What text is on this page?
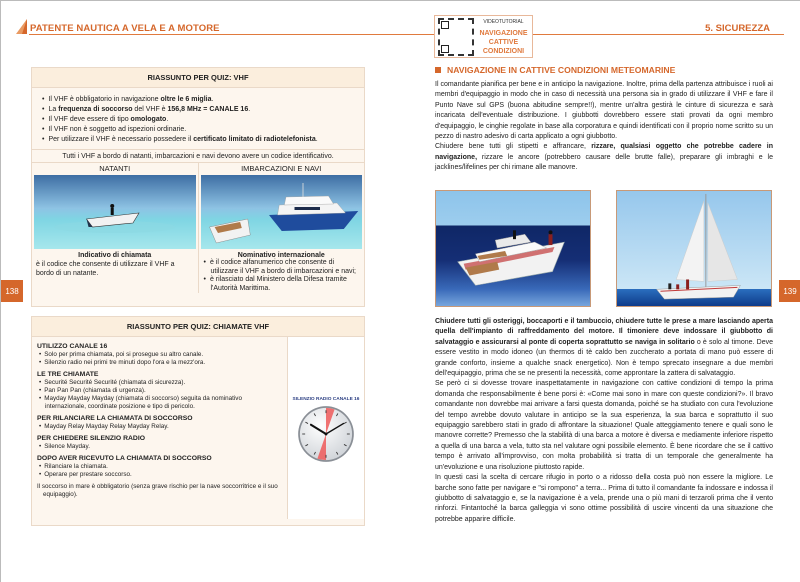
PATENTE NAUTICA A VELA E A MOTORE
VIDEOTUTORIAL
NAVIGAZIONE
CATTIVE
CONDIZIONI
5. SICUREZZA
138	139
RIASSUNTO PER QUIZ: VHF
• Il VHF è obbligatorio in navigazione oltre le 6 miglia.
• La frequenza di soccorso del VHF è 156,8 MHz = CANALE 16.
• Il VHF deve essere di tipo omologato.
• Il VHF non è soggetto ad ispezioni ordinarie.
• Per utilizzare il VHF è necessario possedere il certificato limitato di radiotelefonista.
Tutti i VHF a bordo di natanti, imbarcazioni e navi devono avere un codice identificativo.
NATANTI
Indicativo di chiamata
è il codice che consente di utilizzare il VHF a bordo di un natante.
IMBARCAZIONI E NAVI
Nominativo internazionale
• è il codice alfanumerico che consente di utilizzare il VHF a bordo di imbarcazioni e navi;
• è rilasciato dal Ministero della Difesa tramite l'Autorità Marittima.
RIASSUNTO PER QUIZ: CHIAMATE VHF
UTILIZZO CANALE 16
• Solo per prima chiamata, poi si prosegue su altro canale.
• Silenzio radio nei primi tre minuti dopo l'ora e la mezz'ora.
LE TRE CHIAMATE
• Securité Securité Securité (chiamata di sicurezza).
• Pan Pan Pan (chiamata di urgenza).
• Mayday Mayday Mayday (chiamata di soccorso) seguita da nominativo internazionale, coordinate posizione e tipo di pericolo.
PER RILANCIARE LA CHIAMATA DI SOCCORSO
• Mayday Relay Mayday Relay Mayday Relay.
PER CHIEDERE SILENZIO RADIO
• Silence Mayday.
DOPO AVER RICEVUTO LA CHIAMATA DI SOCCORSO
• Rilanciare la chiamata.
• Operare per prestare soccorso.
Il soccorso in mare è obbligatorio (senza grave rischio per la nave soccorritrice e il suo equipaggio).
SILENZIO RADIO CANALE 16
NAVIGAZIONE IN CATTIVE CONDIZIONI METEOMARINE
Il comandante pianifica per bene e in anticipo la navigazione. Inoltre, prima della partenza attribuisce i ruoli ai membri d'equipaggio in modo che in caso di necessità una persona sia in grado di utilizzare il VHF e fare il Punto Nave sul GPS (buona abitudine sempre!!), mentre un'altra gestirà le cinture di sicurezza e sarà incaricata dell'eventuale distribuzione. I giubbotti dovrebbero essere stati provati da ogni membro d'equipaggio, le cinghie regolate in base alla corporatura e quindi identificati con il proprio nome scritto su un pezzo di nastro adesivo di carta applicato a ogni giubbotto.
Chiudere bene tutti gli stipetti e affrancare, rizzare, qualsiasi oggetto che potrebbe cadere in navigazione, rizzare le ancore (potrebbero causare delle brutte falle), preparare gli imbraghi e le jacklines/lifelines per chi rimane alle manovre.
Chiudere tutti gli osteriggi, boccaporti e il tambuccio, chiudere tutte le prese a mare lasciando aperta quella dell'impianto di raffreddamento del motore. Il timoniere deve indossare il giubbotto di salvataggio e assicurarsi al ponte di coperta soprattutto se naviga in solitario o è solo al timone. Deve essere vestito in modo idoneo (un thermos di tè caldo ben zuccherato a portata di mano può essere di grande conforto, insieme a qualche snack energetico). Non è tempo sprecato insegnare a due membri dell'equipaggio, prima che se ne presenti la necessità, come approntare la zattera di salvataggio.
Se però ci si dovesse trovare inaspettatamente in navigazione con cattive condizioni di tempo la prima domanda che responsabilmente è bene porsi è: «Come mai sono in mare con queste condizioni?». Il bravo comandante non dovrebbe mai arrivare a farsi questa domanda, poiché se ha studiato con cura l'evoluzione del tempo avrebbe dovuto valutare in anticipo se la sua esperienza, la sua barca e soprattutto il suo equipaggio sarebbero stati in grado di affrontare la situazione! Quale atteggiamento tenere e quali sono le manovre corrette? Premesso che la stabilità di una barca a motore è diversa e mediamente inferiore rispetto a quella di una barca a vela, tutto sta nel valutare ogni possibile elemento. È bene ricordare che se il cattivo tempo è arrivato all'improvviso, con molta probabilità si tratta di un temporale che generalmente ha un'evoluzione e una risoluzione piuttosto rapide.
In questi casi la scelta di cercare rifugio in porto o a ridosso della costa può non essere la migliore. Le barche sono fatte per navigare e "si rompono" a terra... Prima di tutto il comandante fa indossare e indossa il giubbotto di salvataggio e, se la navigazione è a vela, prende una o più mani di terzaroli prima che il vento rinforzi. Fintantoché la barca galleggia vi sono ottime possibilità di uscire vincenti da una situazione che potrebbe apparire difficile.
